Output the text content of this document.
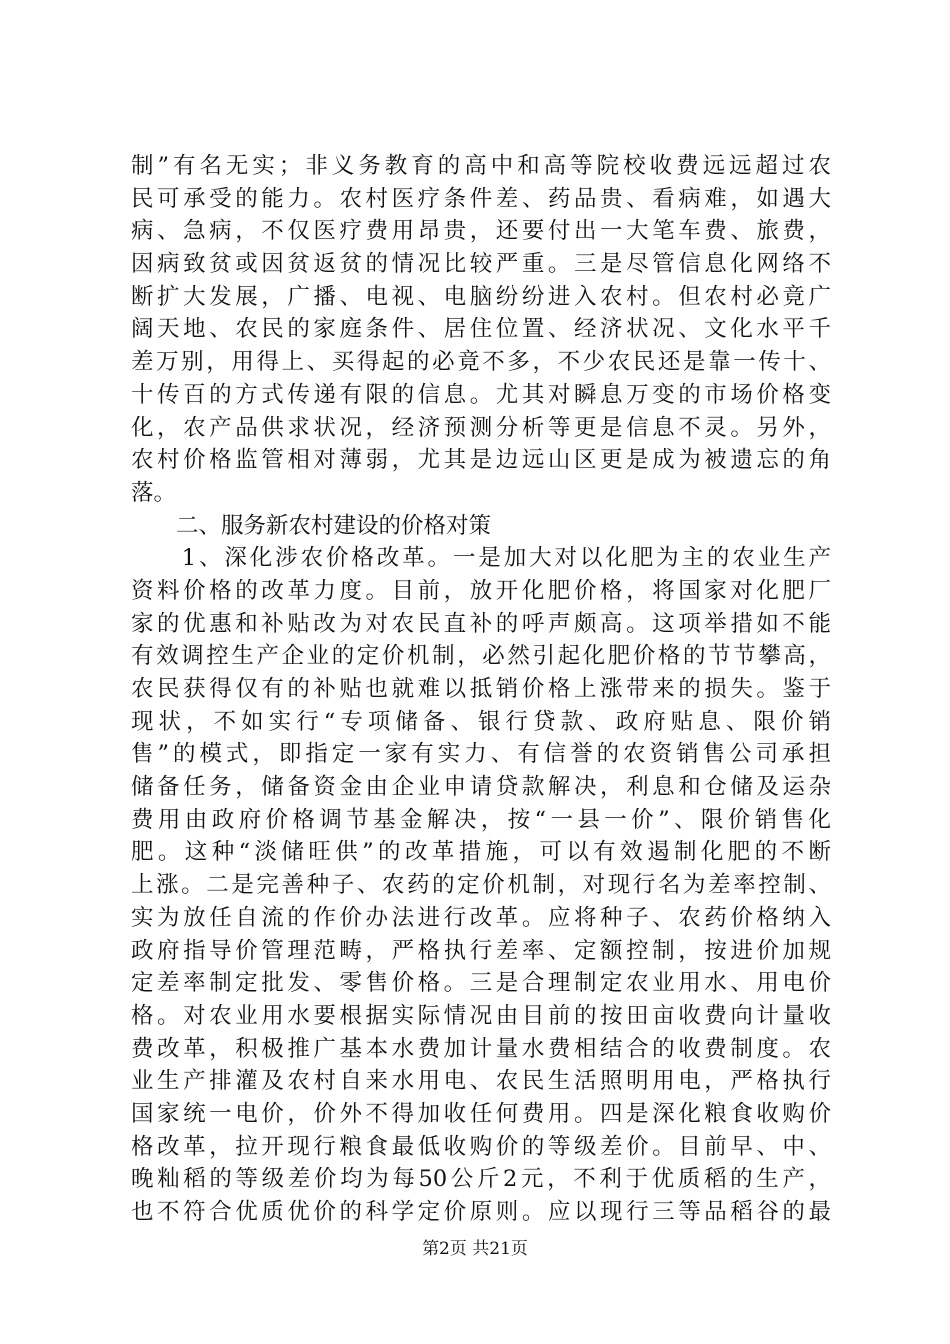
制”有名无实；非义务教育的高中和高等院校收费远远超过农
民可承受的能力。农村医疗条件差、药品贵、看病难，如遇大
病、急病，不仅医疗费用昂贵，还要付出一大笔车费、旅费，
因病致贫或因贫返贫的情况比较严重。三是尽管信息化网络不
断扩大发展，广播、电视、电脑纷纷进入农村。但农村必竟广
阔天地、农民的家庭条件、居住位置、经济状况、文化水平千
差万别，用得上、买得起的必竟不多，不少农民还是靠一传十、
十传百的方式传递有限的信息。尤其对瞬息万变的市场价格变
化，农产品供求状况，经济预测分析等更是信息不灵。另外，
农村价格监管相对薄弱，尤其是边远山区更是成为被遗忘的角
落。
　　二、服务新农村建设的价格对策
　　1、深化涉农价格改革。一是加大对以化肥为主的农业生产
资料价格的改革力度。目前，放开化肥价格，将国家对化肥厂
家的优惠和补贴改为对农民直补的呼声颇高。这项举措如不能
有效调控生产企业的定价机制，必然引起化肥价格的节节攀高，
农民获得仅有的补贴也就难以抵销价格上涨带来的损失。鉴于
现状，不如实行“专项储备、银行贷款、政府贴息、限价销
售”的模式，即指定一家有实力、有信誉的农资销售公司承担
储备任务，储备资金由企业申请贷款解决，利息和仓储及运杂
费用由政府价格调节基金解决，按“一县一价”、限价销售化
肥。这种“淡储旺供”的改革措施，可以有效遏制化肥的不断
上涨。二是完善种子、农药的定价机制，对现行名为差率控制、
实为放任自流的作价办法进行改革。应将种子、农药价格纳入
政府指导价管理范畴，严格执行差率、定额控制，按进价加规
定差率制定批发、零售价格。三是合理制定农业用水、用电价
格。对农业用水要根据实际情况由目前的按田亩收费向计量收
费改革，积极推广基本水费加计量水费相结合的收费制度。农
业生产排灌及农村自来水用电、农民生活照明用电，严格执行
国家统一电价，价外不得加收任何费用。四是深化粮食收购价
格改革，拉开现行粮食最低收购价的等级差价。目前早、中、
晚籼稻的等级差价均为每50公斤2元，不利于优质稻的生产，
也不符合优质优价的科学定价原则。应以现行三等品稻谷的最
第2页 共21页
